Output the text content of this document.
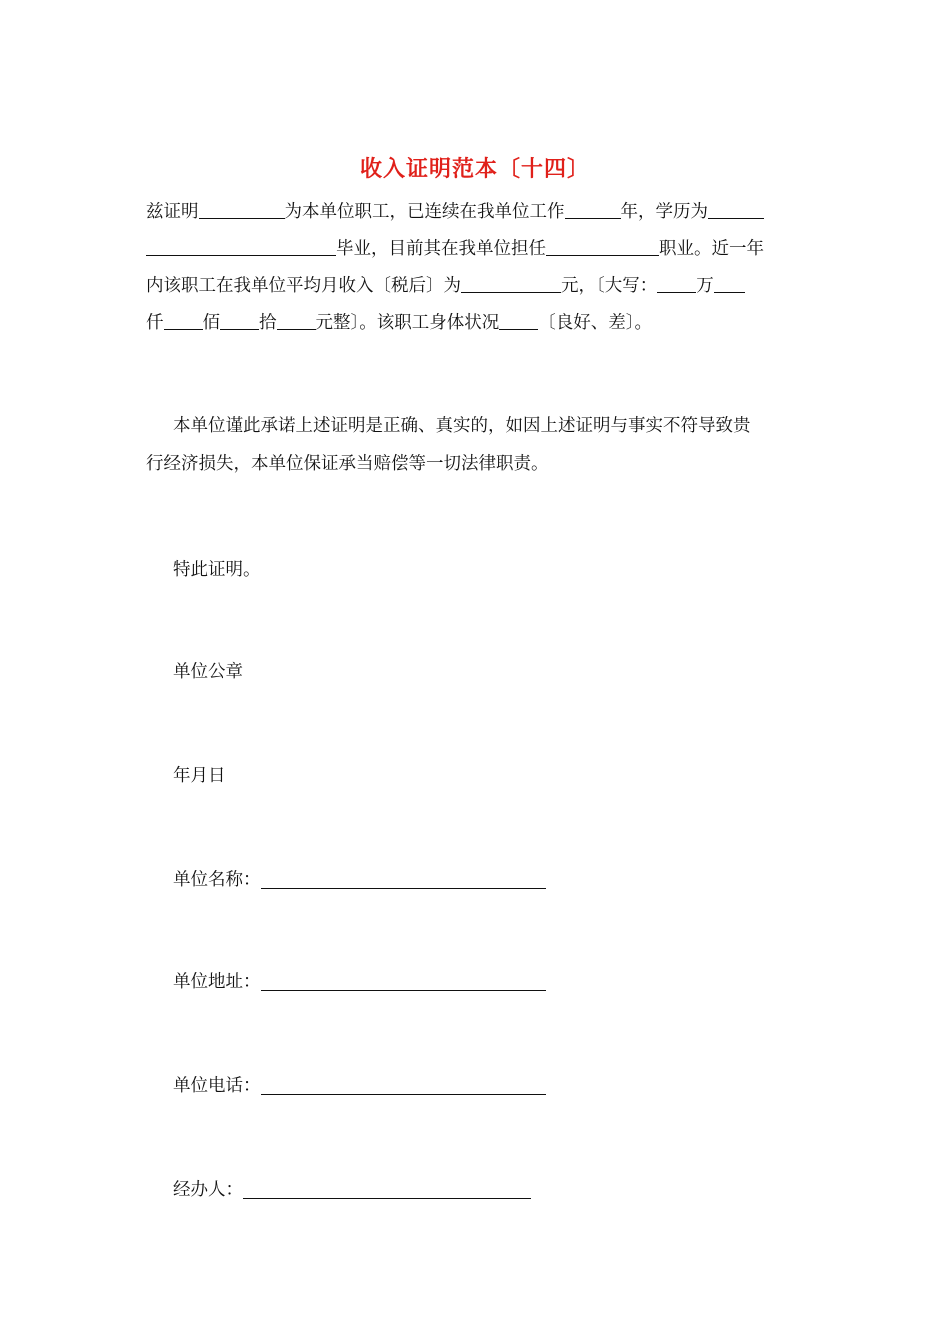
收入证明范本〔十四〕
兹证明	为本单位职工，已连续在我单位工作	年，学历为
毕业，目前其在我单位担任	职业。近一年
内该职工在我单位平均月收入〔税后〕为	元，〔大写： 万
仟 佰 拾 元整〕。该职工身体状况 〔良好、差〕。
本单位谨此承诺上述证明是正确、真实的，如因上述证明与事实不符导致贵
行经济损失，本单位保证承当赔偿等一切法律职责。
特此证明。
单位公章
年月日
单位名称：
单位地址：
单位电话：
经办人：
